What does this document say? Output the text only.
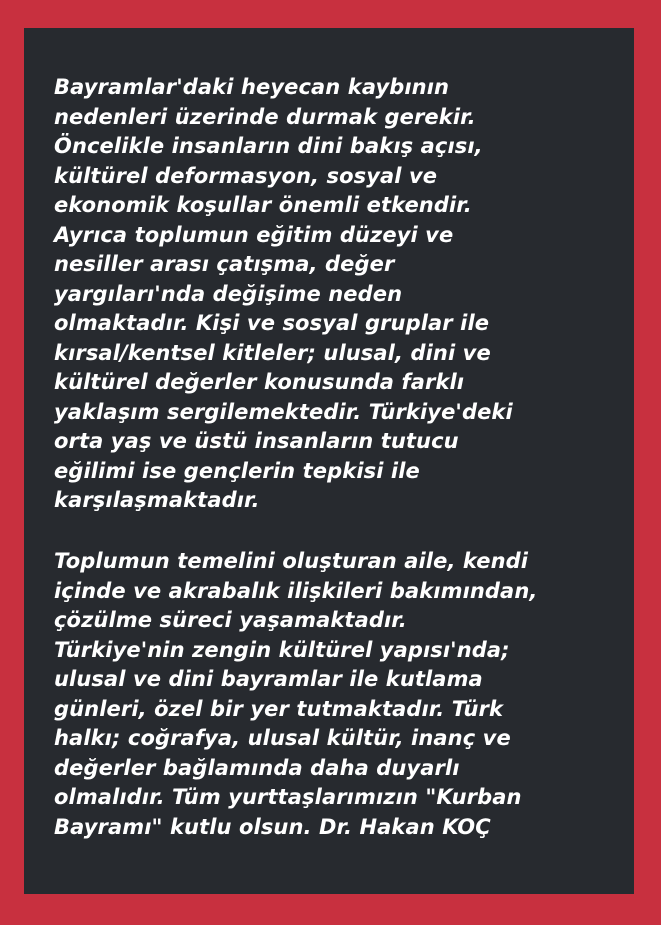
Bayramlar'daki heyecan kaybının
nedenleri üzerinde durmak gerekir.
Öncelikle insanların dini bakış açısı,
kültürel deformasyon, sosyal ve
ekonomik koşullar önemli etkendir.
Ayrıca toplumun eğitim düzeyi ve
nesiller arası çatışma, değer
yargıları'nda değişime neden
olmaktadır. Kişi ve sosyal gruplar ile
kırsal/kentsel kitleler; ulusal, dini ve
kültürel değerler konusunda farklı
yaklaşım sergilemektedir. Türkiye'deki
orta yaş ve üstü insanların tutucu
eğilimi ise gençlerin tepkisi ile
karşılaşmaktadır.

Toplumun temelini oluşturan aile, kendi
içinde ve akrabalık ilişkileri bakımından,
çözülme süreci yaşamaktadır.
Türkiye'nin zengin kültürel yapısı'nda;
ulusal ve dini bayramlar ile kutlama
günleri, özel bir yer tutmaktadır. Türk
halkı; coğrafya, ulusal kültür, inanç ve
değerler bağlamında daha duyarlı
olmalıdır. Tüm yurttaşlarımızın "Kurban
Bayramı" kutlu olsun. Dr. Hakan KOÇ
